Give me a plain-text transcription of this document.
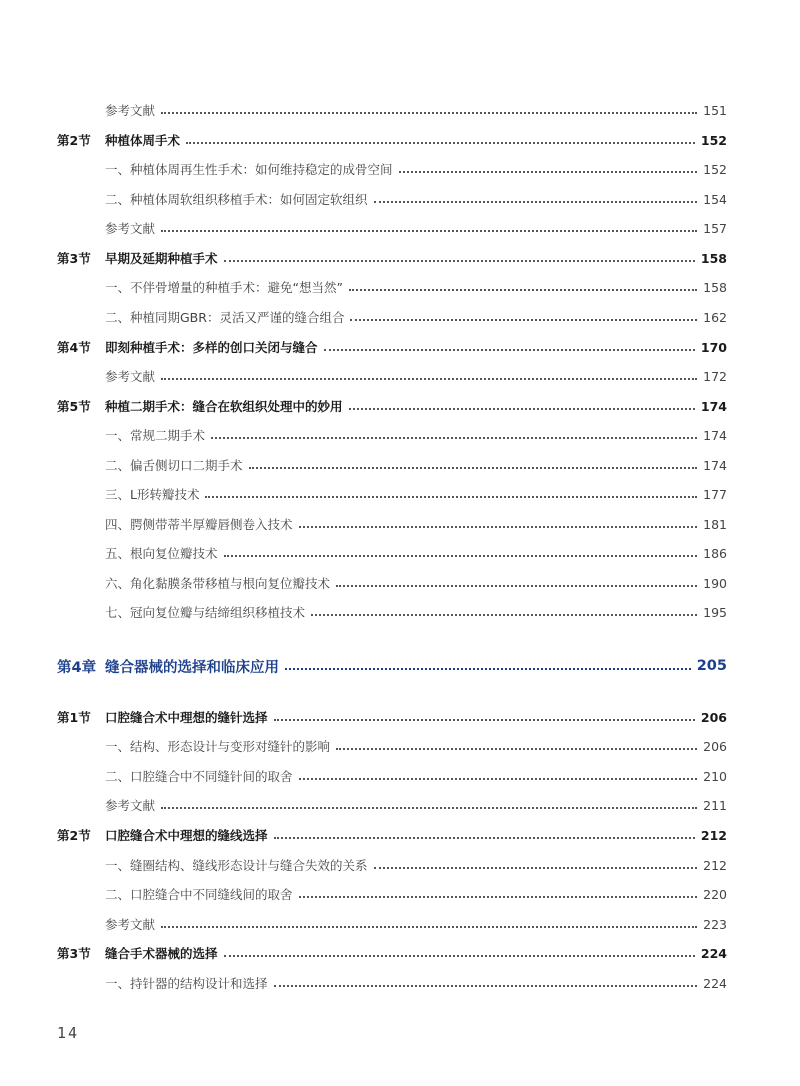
参考文献	151
第2节	种植体周手术	152
一、种植体周再生性手术：如何维持稳定的成骨空间	152
二、种植体周软组织移植手术：如何固定软组织	154
参考文献	157
第3节	早期及延期种植手术	158
一、不伴骨增量的种植手术：避免“想当然”	158
二、种植同期GBR：灵活又严谨的缝合组合	162
第4节	即刻种植手术：多样的创口关闭与缝合	170
参考文献	172
第5节	种植二期手术：缝合在软组织处理中的妙用	174
一、常规二期手术	174
二、偏舌侧切口二期手术	174
三、L形转瓣技术	177
四、腭侧带蒂半厚瓣唇侧卷入技术	181
五、根向复位瓣技术	186
六、角化黏膜条带移植与根向复位瓣技术	190
七、冠向复位瓣与结缔组织移植技术	195
第4章 缝合器械的选择和临床应用	205
第1节	口腔缝合术中理想的缝针选择	206
一、结构、形态设计与变形对缝针的影响	206
二、口腔缝合中不同缝针间的取舍	210
参考文献	211
第2节	口腔缝合术中理想的缝线选择	212
一、缝圈结构、缝线形态设计与缝合失效的关系	212
二、口腔缝合中不同缝线间的取舍	220
参考文献	223
第3节	缝合手术器械的选择	224
一、持针器的结构设计和选择	224
14
